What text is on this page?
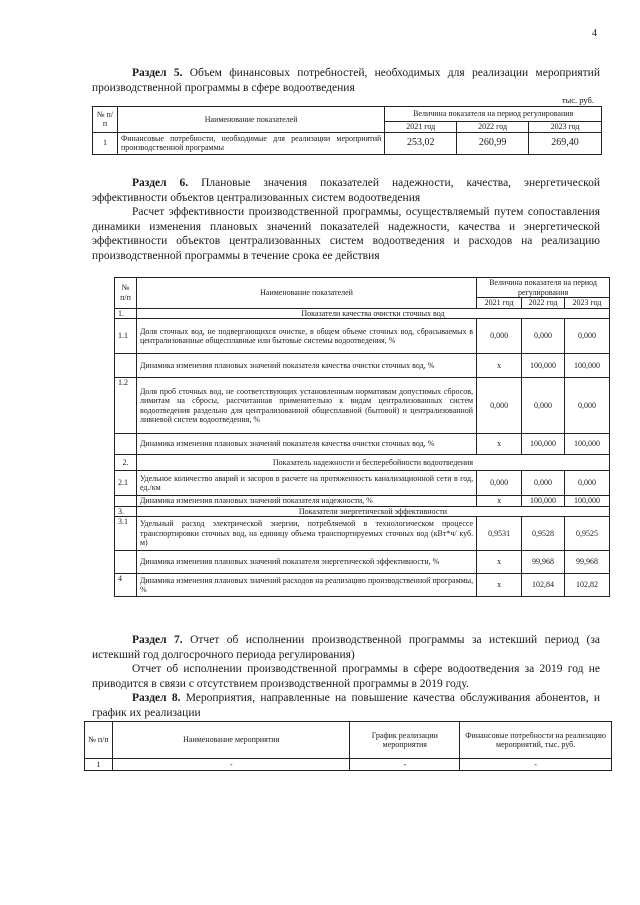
4

Раздел 5. Объем финансовых потребностей, необходимых для реализации мероприятий производственной программы в сфере водоотведения

тыс. руб.
№ п/п	Наименование показателей	Величина показателя на период регулирования		
		2021 год	2022 год	2023 год
1	Финансовые потребности, необходимые для реализации мероприятий производственной программы	253,02	260,99	269,40

Раздел 6. Плановые значения показателей надежности, качества, энергетической эффективности объектов централизованных систем водоотведения

Расчет эффективности производственной программы, осуществляемый путем сопоставления динамики изменения плановых значений показателей надежности, качества и энергетической эффективности объектов централизованных систем водоотведения и расходов на реализацию производственной программы в течение срока ее действия

№ п/п	Наименование показателей	Величина показателя на период регулирования		
		2021 год	2022 год	2023 год
1.	Показатели качества очистки сточных вод			
1.1	Доля сточных вод, не подвергающихся очистке, в общем объеме сточных вод, сбрасываемых в централизованные общесплавные или бытовые системы водоотведения, %	0,000	0,000	0,000
	Динамика изменения плановых значений показателя качества очистки сточных вод, %	х	100,000	100,000
1.2	Доля проб сточных вод, не соответствующих установленным нормативам допустимых сбросов, лимитам на сбросы, рассчитанная применительно к видам централизованных систем водоотведения раздельно для централизованной общесплавной (бытовой) и централизованной ливневой систем водоотведения, %	0,000	0,000	0,000
	Динамика изменения плановых значений показателя качества очистки сточных вод, %	х	100,000	100,000
2.	Показатель надежности и бесперебойности водоотведения			
2.1	Удельное количество аварий и засоров в расчете на протяженность канализационной сети в год, ед./км	0,000	0,000	0,000
	Динамика изменения плановых значений показателя надежности, %	х	100,000	100,000
3.	Показатели энергетической эффективности			
3.1	Удельный расход электрической энергии, потребляемой в технологическом процессе транспортировки сточных вод, на единицу объема транспортируемых сточных вод (кВт*ч/ куб. м)	0,9531	0,9528	0,9525
	Динамика изменения плановых значений показателя энергетической эффективности, %	х	99,968	99,968
4	Динамика изменения плановых значений расходов на реализацию производственной программы, %	х	102,84	102,82

Раздел 7. Отчет об исполнении производственной программы за истекший период (за истекший год долгосрочного периода регулирования)

Отчет об исполнении производственной программы в сфере водоотведения за 2019 год не приводится в связи с отсутствием производственной программы в 2019 году.

Раздел 8. Мероприятия, направленные на повышение качества обслуживания абонентов, и график их реализации

№ п/п	Наименование мероприятия	График реализации мероприятия	Финансовые потребности на реализацию мероприятий, тыс. руб.
1	-	-	-
